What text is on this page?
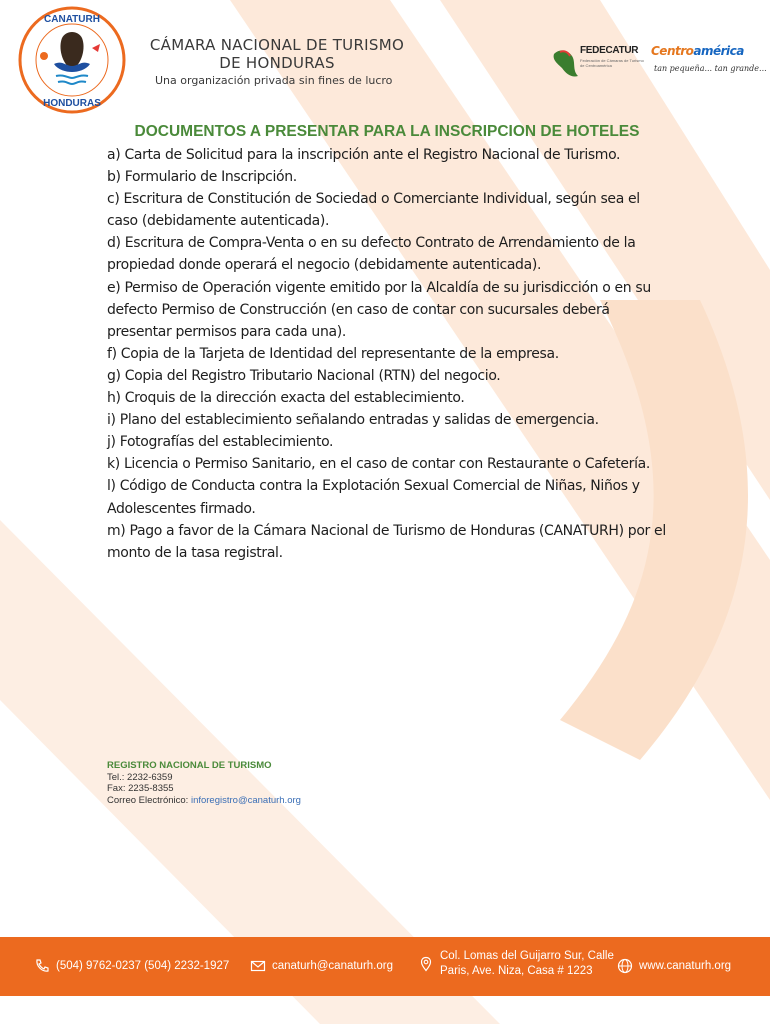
CANATURH
HONDURAS
CÁMARA NACIONAL DE TURISMO
DE HONDURAS
Una organización privada sin fines de lucro
FEDECATUR
Federación de Cámaras de Turismo de Centroamérica
Centroamérica
tan pequeña... tan grande...
DOCUMENTOS A PRESENTAR PARA LA INSCRIPCION DE HOTELES
a) Carta de Solicitud para la inscripción ante el Registro Nacional de Turismo.
b) Formulario de Inscripción.
c) Escritura de Constitución de Sociedad o Comerciante Individual, según sea el caso (debidamente autenticada).
d) Escritura de Compra-Venta o en su defecto Contrato de Arrendamiento de la propiedad donde operará el negocio (debidamente autenticada).
e) Permiso de Operación vigente emitido por la Alcaldía de su jurisdicción o en su defecto Permiso de Construcción (en caso de contar con sucursales deberá presentar permisos para cada una).
f) Copia de la Tarjeta de Identidad del representante de la empresa.
g) Copia del Registro Tributario Nacional (RTN) del negocio.
h) Croquis de la dirección exacta del establecimiento.
i) Plano del establecimiento señalando entradas y salidas de emergencia.
j) Fotografías del establecimiento.
k) Licencia o Permiso Sanitario, en el caso de contar con Restaurante o Cafetería.
l) Código de Conducta contra la Explotación Sexual Comercial de Niñas, Niños y Adolescentes firmado.
m) Pago a favor de la Cámara Nacional de Turismo de Honduras (CANATURH) por el monto de la tasa registral.
REGISTRO NACIONAL DE TURISMO
Tel.: 2232-6359
Fax: 2235-8355
Correo Electrónico: inforegistro@canaturh.org
(504) 9762-0237 (504) 2232-1927	canaturh@canaturh.org
Col. Lomas del Guijarro Sur, Calle
Paris, Ave. Niza, Casa # 1223	www.canaturh.org
